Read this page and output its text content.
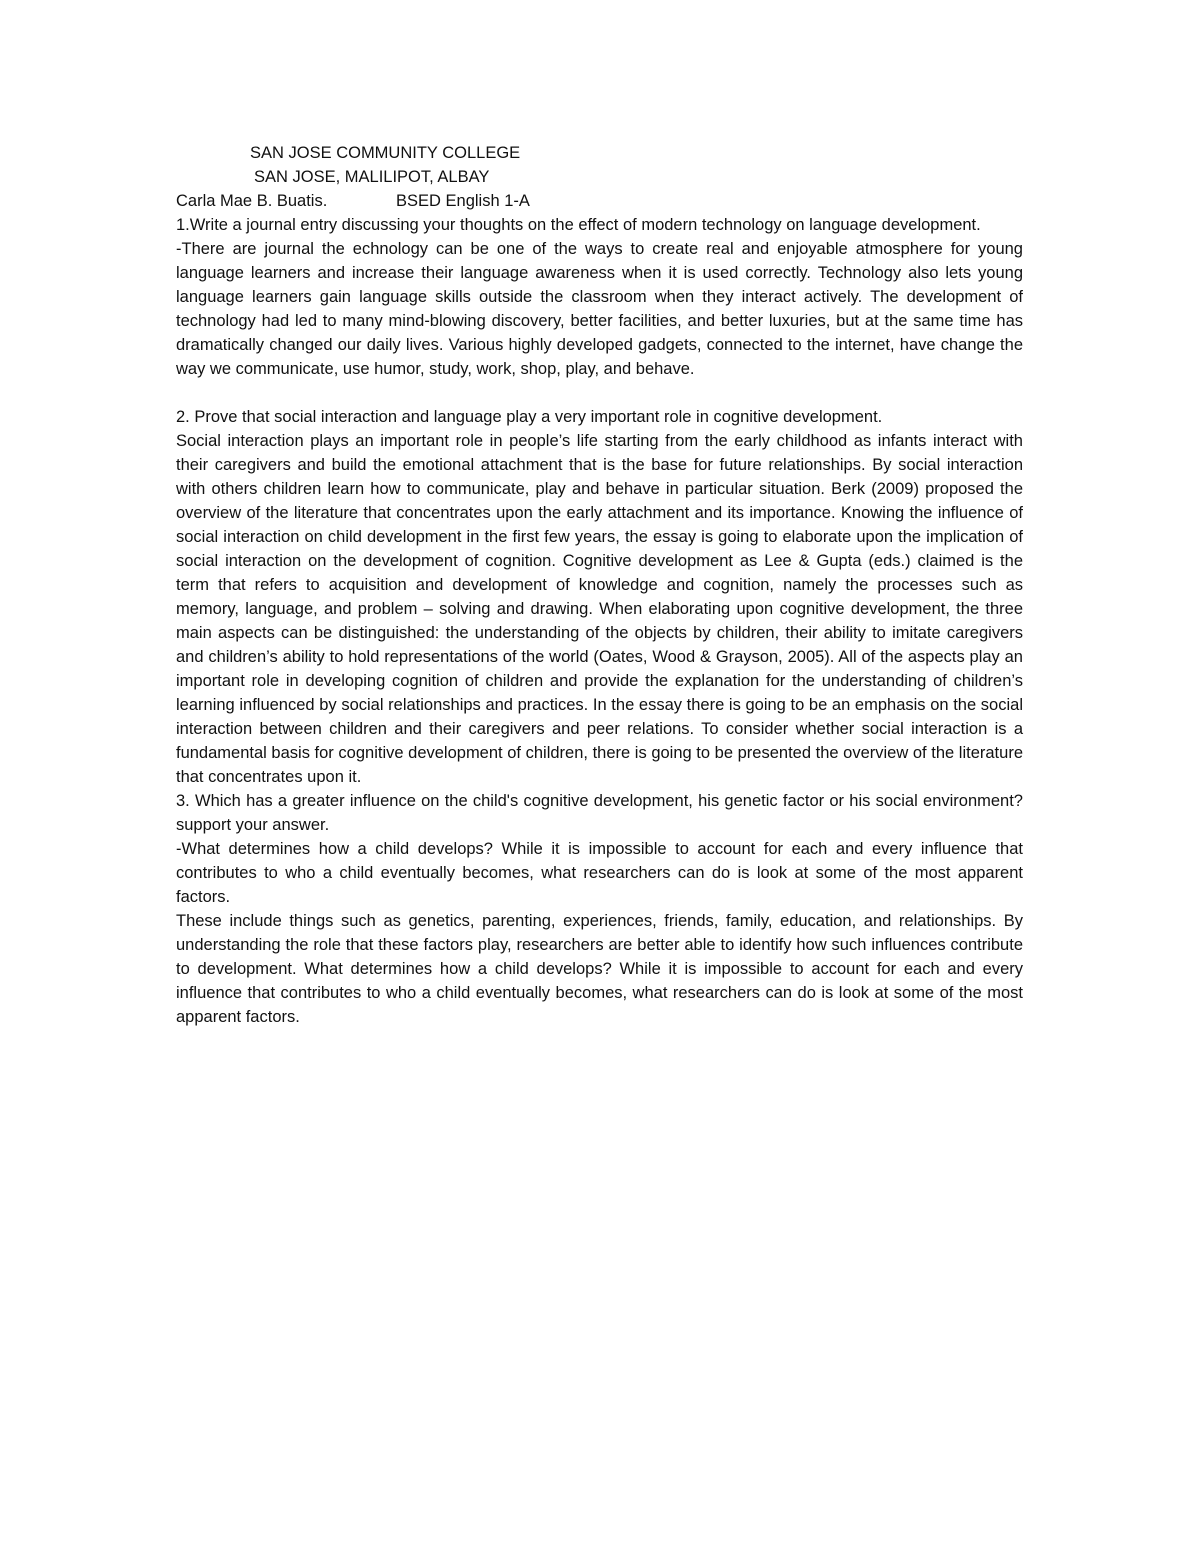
SAN JOSE COMMUNITY COLLEGE
SAN JOSE, MALILIPOT, ALBAY
Carla Mae B. Buatis.	BSED English 1-A

1.Write a journal entry discussing your thoughts on the effect of modern technology on language development.

-There are journal the echnology can be one of the ways to create real and enjoyable atmosphere for young language learners and increase their language awareness when it is used correctly. Technology also lets young language learners gain language skills outside the classroom when they interact actively. The development of technology had led to many mind-blowing discovery, better facilities, and better luxuries, but at the same time has dramatically changed our daily lives. Various highly developed gadgets, connected to the internet, have change the way we communicate, use humor, study, work, shop, play, and behave.

2. Prove that social interaction and language play a very important role in cognitive development.

Social interaction plays an important role in people’s life starting from the early childhood as infants interact with their caregivers and build the emotional attachment that is the base for future relationships. By social interaction with others children learn how to communicate, play and behave in particular situation. Berk (2009) proposed the overview of the literature that concentrates upon the early attachment and its importance. Knowing the influence of social interaction on child development in the first few years, the essay is going to elaborate upon the implication of social interaction on the development of cognition. Cognitive development as Lee & Gupta (eds.) claimed is the term that refers to acquisition and development of knowledge and cognition, namely the processes such as memory, language, and problem – solving and drawing. When elaborating upon cognitive development, the three main aspects can be distinguished: the understanding of the objects by children, their ability to imitate caregivers and children’s ability to hold representations of the world (Oates, Wood & Grayson, 2005). All of the aspects play an important role in developing cognition of children and provide the explanation for the understanding of children’s learning influenced by social relationships and practices. In the essay there is going to be an emphasis on the social interaction between children and their caregivers and peer relations. To consider whether social interaction is a fundamental basis for cognitive development of children, there is going to be presented the overview of the literature that concentrates upon it.

3. Which has a greater influence on the child's cognitive development, his genetic factor or his social environment?support your answer.

-What determines how a child develops? While it is impossible to account for each and every influence that contributes to who a child eventually becomes, what researchers can do is look at some of the most apparent factors.

These include things such as genetics, parenting, experiences, friends, family, education, and relationships. By understanding the role that these factors play, researchers are better able to identify how such influences contribute to development. What determines how a child develops? While it is impossible to account for each and every influence that contributes to who a child eventually becomes, what researchers can do is look at some of the most apparent factors.
